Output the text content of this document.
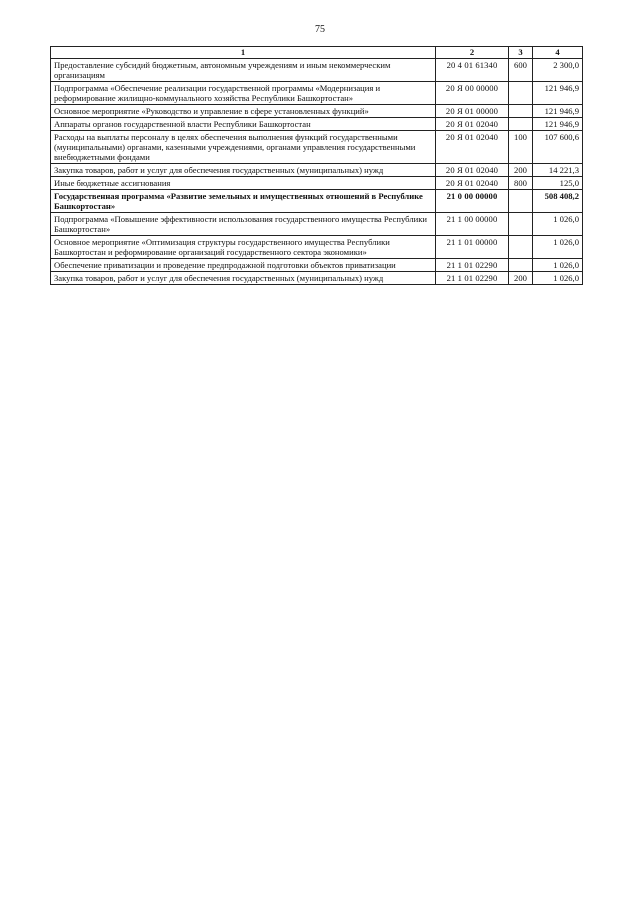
75
1	2	3	4
Предоставление субсидий бюджетным, автономным учреждениям и иным некоммерческим организациям	20 4 01 61340	600	2 300,0
Подпрограмма «Обеспечение реализации государственной программы «Модернизация и реформирование жилищно-коммунального хозяйства Республики Башкортостан»	20 Я 00 00000		121 946,9
Основное мероприятие «Руководство и управление в сфере установленных функций»	20 Я 01 00000		121 946,9
Аппараты органов государственной власти Республики Башкортостан	20 Я 01 02040		121 946,9
Расходы на выплаты персоналу в целях обеспечения выполнения функций государственными (муниципальными) органами, казенными учреждениями, органами управления государственными внебюджетными фондами	20 Я 01 02040	100	107 600,6
Закупка товаров, работ и услуг для обеспечения государственных (муниципальных) нужд	20 Я 01 02040	200	14 221,3
Иные бюджетные ассигнования	20 Я 01 02040	800	125,0
Государственная программа «Развитие земельных и имущественных отношений в Республике Башкортостан»	21 0 00 00000		508 408,2
Подпрограмма «Повышение эффективности использования государственного имущества Республики Башкортостан»	21 1 00 00000		1 026,0
Основное мероприятие «Оптимизация структуры государственного имущества Республики Башкортостан и реформирование организаций государственного сектора экономики»	21 1 01 00000		1 026,0
Обеспечение приватизации и проведение предпродажной подготовки объектов приватизации	21 1 01 02290		1 026,0
Закупка товаров, работ и услуг для обеспечения государственных (муниципальных) нужд	21 1 01 02290	200	1 026,0
